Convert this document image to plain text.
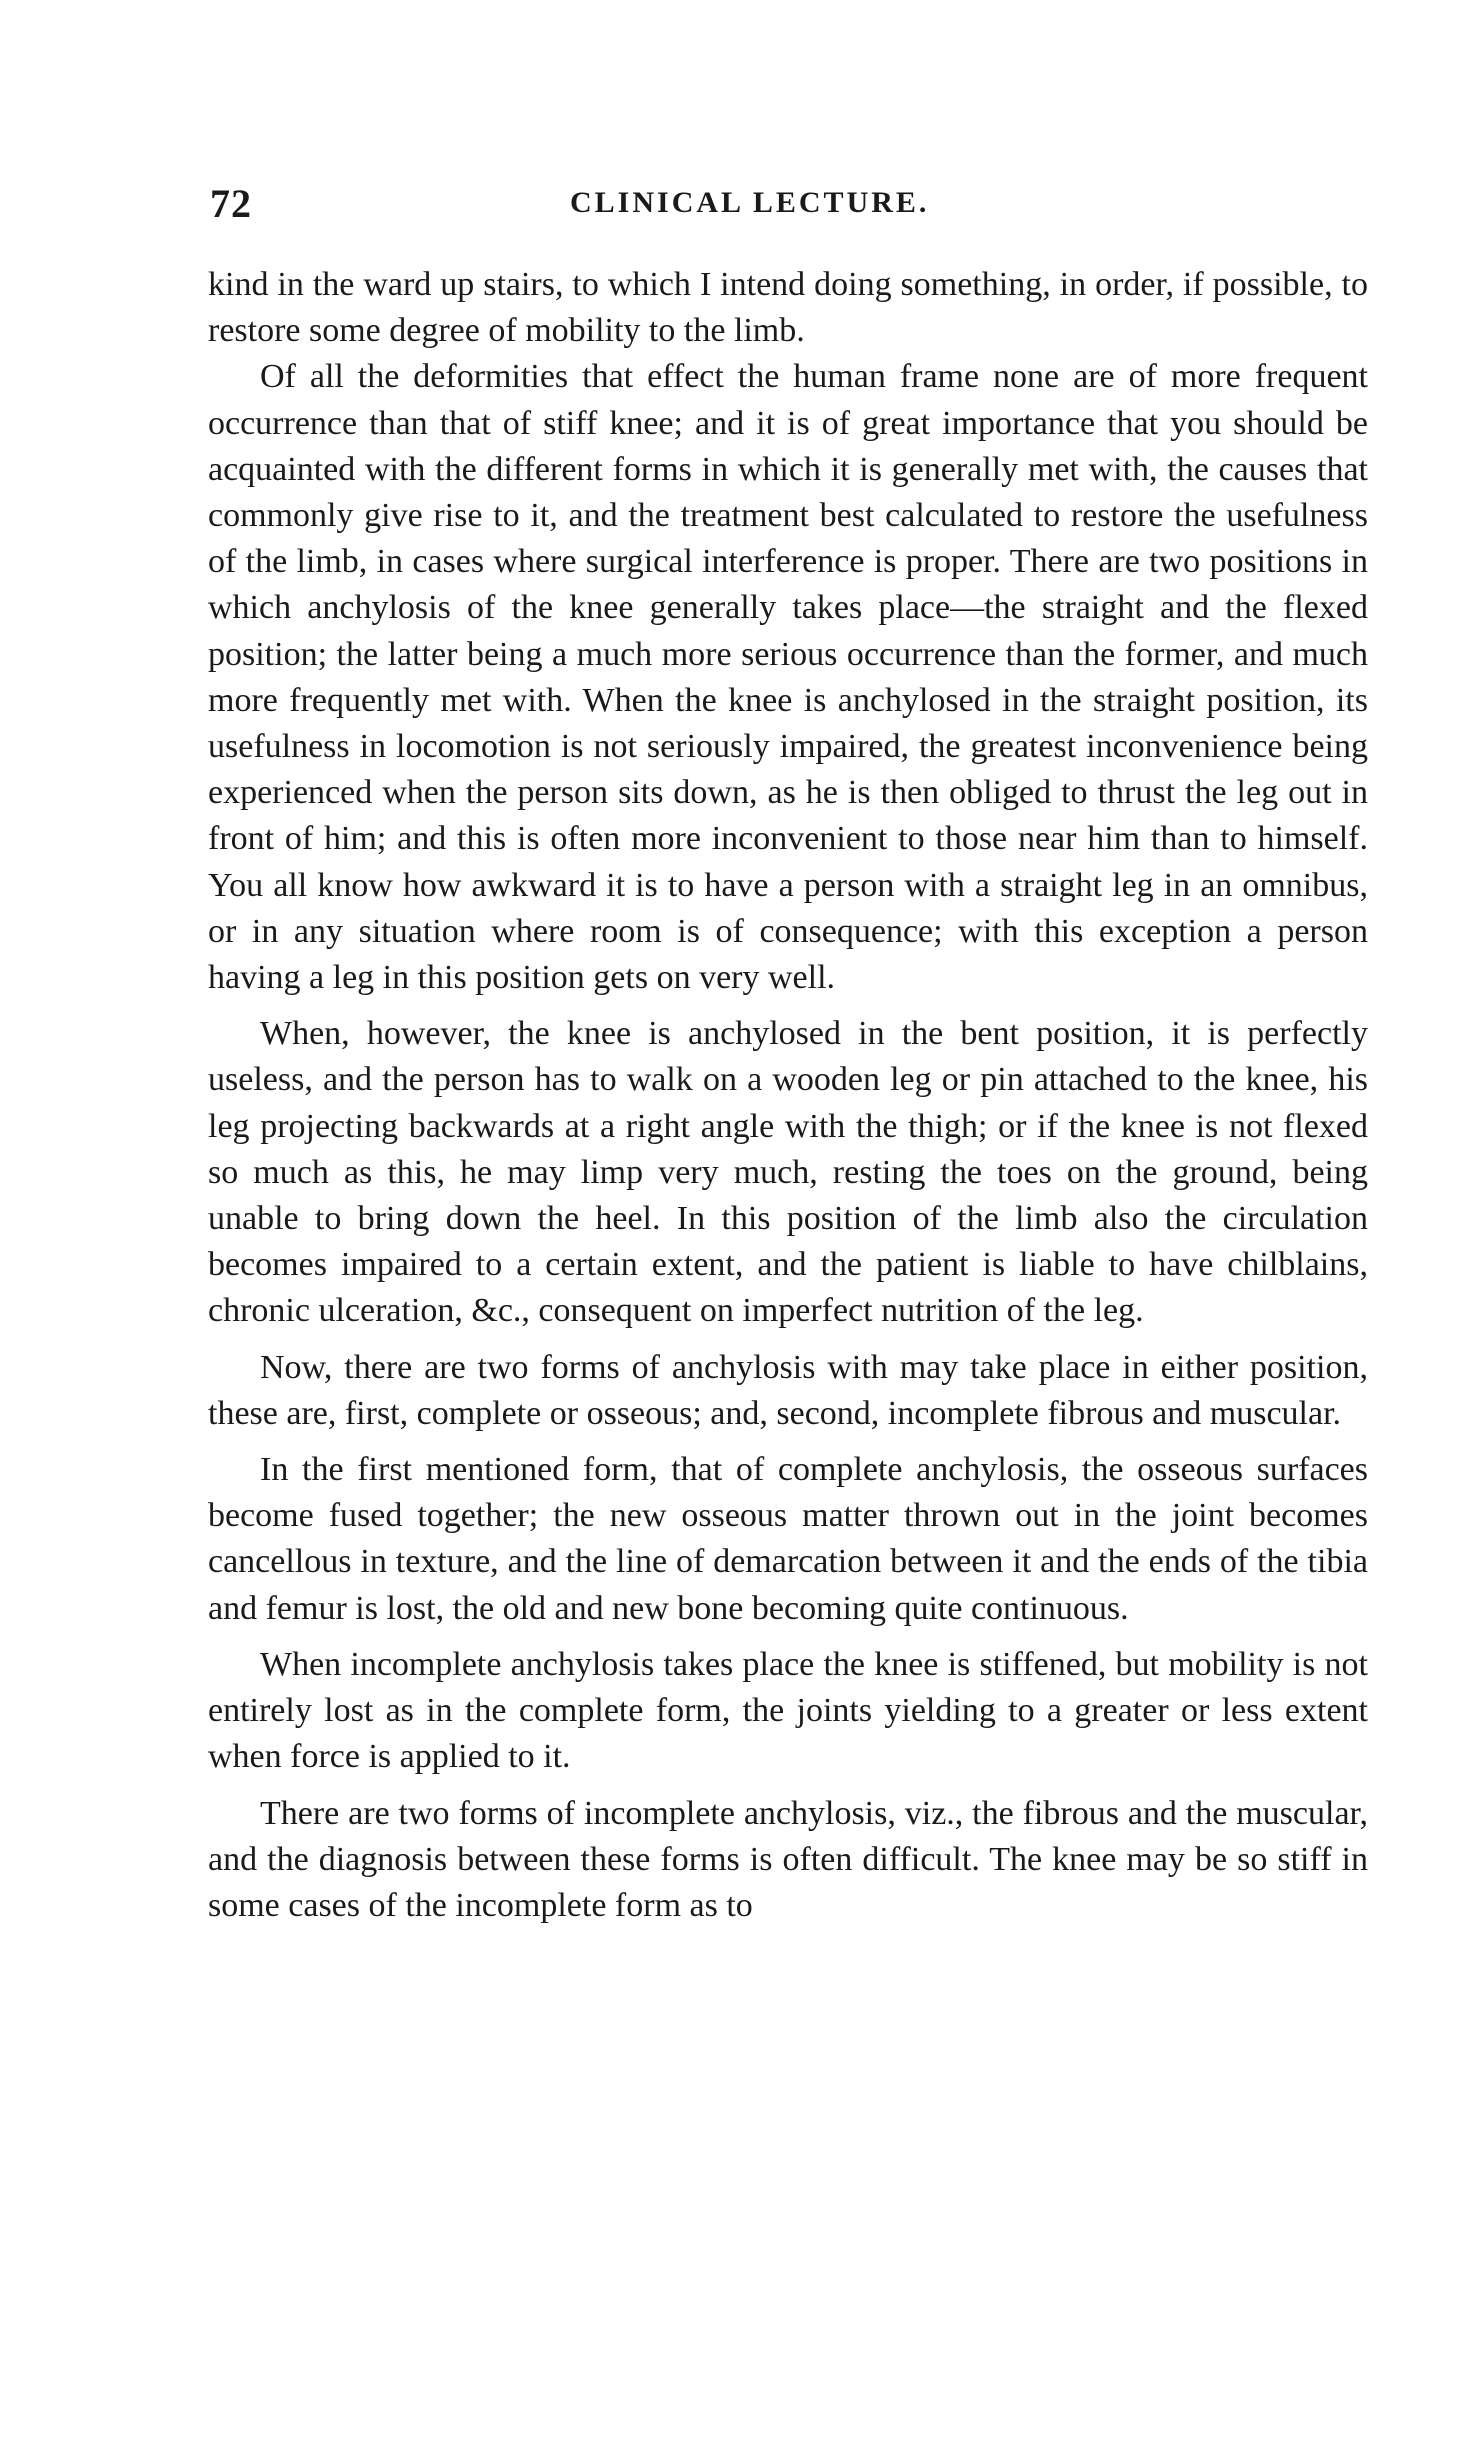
72	CLINICAL LECTURE.

kind in the ward up stairs, to which I intend doing something, in order, if possible, to restore some degree of mobility to the limb.

Of all the deformities that effect the human frame none are of more frequent occurrence than that of stiff knee; and it is of great importance that you should be acquainted with the different forms in which it is generally met with, the causes that commonly give rise to it, and the treatment best calculated to restore the usefulness of the limb, in cases where surgical interference is proper. There are two positions in which anchylosis of the knee generally takes place—the straight and the flexed position; the latter being a much more serious occurrence than the former, and much more frequently met with. When the knee is anchylosed in the straight position, its usefulness in locomotion is not seriously impaired, the greatest inconvenience being experienced when the person sits down, as he is then obliged to thrust the leg out in front of him; and this is often more inconvenient to those near him than to himself. You all know how awkward it is to have a person with a straight leg in an omnibus, or in any situation where room is of consequence; with this exception a person having a leg in this position gets on very well.

When, however, the knee is anchylosed in the bent position, it is perfectly useless, and the person has to walk on a wooden leg or pin attached to the knee, his leg projecting backwards at a right angle with the thigh; or if the knee is not flexed so much as this, he may limp very much, resting the toes on the ground, being unable to bring down the heel. In this position of the limb also the circulation becomes impaired to a certain extent, and the patient is liable to have chilblains, chronic ulceration, &c., consequent on imperfect nutrition of the leg.

Now, there are two forms of anchylosis with may take place in either position, these are, first, complete or osseous; and, second, incomplete fibrous and muscular.

In the first mentioned form, that of complete anchylosis, the osseous surfaces become fused together; the new osseous matter thrown out in the joint becomes cancellous in texture, and the line of demarcation between it and the ends of the tibia and femur is lost, the old and new bone becoming quite continuous.

When incomplete anchylosis takes place the knee is stiffened, but mobility is not entirely lost as in the complete form, the joints yielding to a greater or less extent when force is applied to it.

There are two forms of incomplete anchylosis, viz., the fibrous and the muscular, and the diagnosis between these forms is often difficult. The knee may be so stiff in some cases of the incomplete form as to
